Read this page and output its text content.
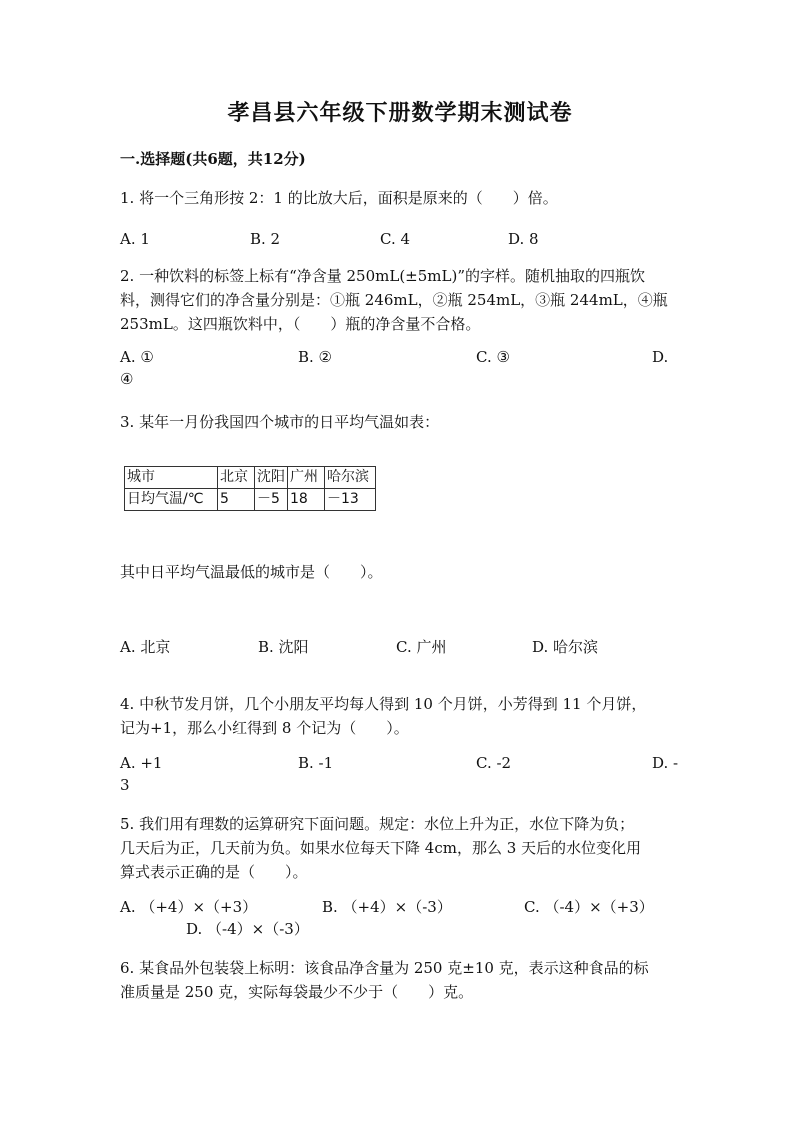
孝昌县六年级下册数学期末测试卷
一.选择题(共6题，共12分)
1. 将一个三角形按 2：1 的比放大后，面积是原来的（　　）倍。
A. 1	B. 2	C. 4	D. 8
2. 一种饮料的标签上标有“净含量 250mL(±5mL)”的字样。随机抽取的四瓶饮
料，测得它们的净含量分别是：①瓶 246mL，②瓶 254mL，③瓶 244mL，④瓶
253mL。这四瓶饮料中，（　　）瓶的净含量不合格。
A. ①	B. ②	C. ③	D.
④
3. 某年一月份我国四个城市的日平均气温如表：
城市	北京	沈阳	广州	哈尔滨
日均气温/℃	5	－5	18	－13
其中日平均气温最低的城市是（　　）。
A. 北京	B. 沈阳	C. 广州	D. 哈尔滨
4. 中秋节发月饼，几个小朋友平均每人得到 10 个月饼，小芳得到 11 个月饼，
记为+1，那么小红得到 8 个记为（　　）。
A. +1	B. -1	C. -2	D. -
3
5. 我们用有理数的运算研究下面问题。规定：水位上升为正，水位下降为负；
几天后为正，几天前为负。如果水位每天下降 4cm，那么 3 天后的水位变化用
算式表示正确的是（　　）。
A. （+4）×（+3）	B. （+4）×（-3）	C. （-4）×（+3）
D. （-4）×（-3）
6. 某食品外包装袋上标明：该食品净含量为 250 克±10 克，表示这种食品的标
准质量是 250 克，实际每袋最少不少于（　　）克。
